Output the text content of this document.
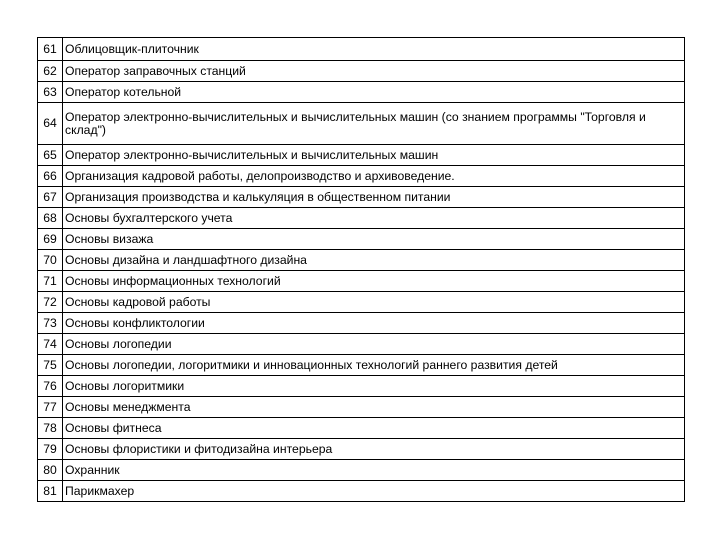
61	Облицовщик-плиточник
62	Оператор заправочных станций
63	Оператор котельной
64	Оператор электронно-вычислительных и вычислительных машин (со знанием программы "Торговля и склад")
65	Оператор электронно-вычислительных и вычислительных машин
66	Организация кадровой работы, делопроизводство и архивоведение.
67	Организация производства и калькуляция в общественном питании
68	Основы бухгалтерского учета
69	Основы визажа
70	Основы дизайна и ландшафтного дизайна
71	Основы информационных технологий
72	Основы кадровой работы
73	Основы конфликтологии
74	Основы логопедии
75	Основы логопедии, логоритмики и инновационных технологий раннего развития детей
76	Основы логоритмики
77	Основы менеджмента
78	Основы фитнеса
79	Основы флористики и фитодизайна интерьера
80	Охранник
81	Парикмахер
